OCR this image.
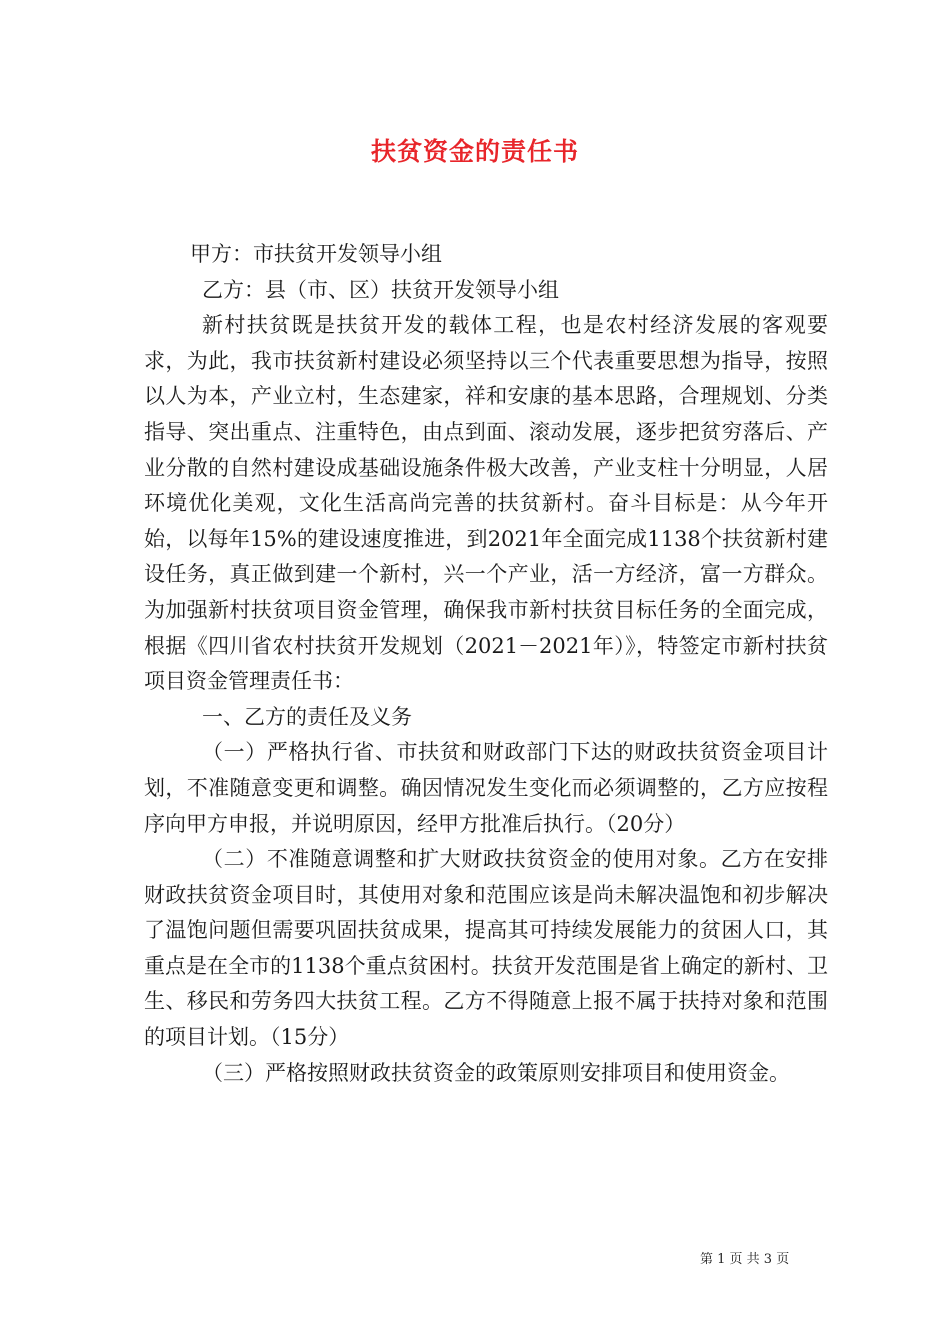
扶贫资金的责任书

甲方：市扶贫开发领导小组

乙方：县（市、区）扶贫开发领导小组

新村扶贫既是扶贫开发的载体工程，也是农村经济发展的客观要求，为此，我市扶贫新村建设必须坚持以三个代表重要思想为指导，按照以人为本，产业立村，生态建家，祥和安康的基本思路，合理规划、分类指导、突出重点、注重特色，由点到面、滚动发展，逐步把贫穷落后、产业分散的自然村建设成基础设施条件极大改善，产业支柱十分明显，人居环境优化美观，文化生活高尚完善的扶贫新村。奋斗目标是：从今年开始，以每年15%的建设速度推进，到2021年全面完成1138个扶贫新村建设任务，真正做到建一个新村，兴一个产业，活一方经济，富一方群众。为加强新村扶贫项目资金管理，确保我市新村扶贫目标任务的全面完成，根据《四川省农村扶贫开发规划（2021－2021年）》，特签定市新村扶贫项目资金管理责任书：

一、乙方的责任及义务

（一）严格执行省、市扶贫和财政部门下达的财政扶贫资金项目计划，不准随意变更和调整。确因情况发生变化而必须调整的，乙方应按程序向甲方申报，并说明原因，经甲方批准后执行。（20分）

（二）不准随意调整和扩大财政扶贫资金的使用对象。乙方在安排财政扶贫资金项目时，其使用对象和范围应该是尚未解决温饱和初步解决了温饱问题但需要巩固扶贫成果，提高其可持续发展能力的贫困人口，其重点是在全市的1138个重点贫困村。扶贫开发范围是省上确定的新村、卫生、移民和劳务四大扶贫工程。乙方不得随意上报不属于扶持对象和范围的项目计划。（15分）

（三）严格按照财政扶贫资金的政策原则安排项目和使用资金。

第 1 页 共 3 页
